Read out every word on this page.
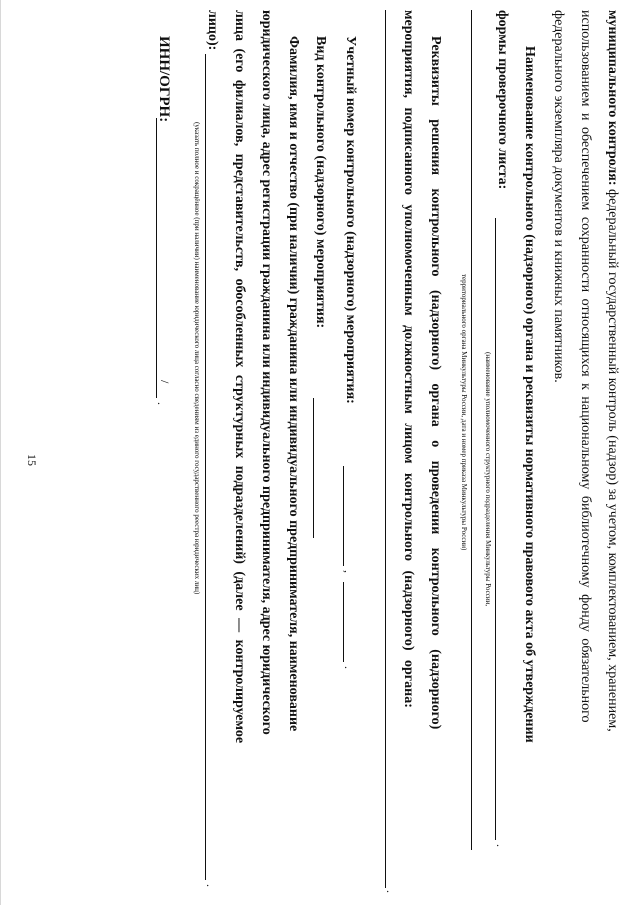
15
муниципального контроля: федеральный государственный контроль (надзор) за учетом, комплектованием, хранением,
использованием и обеспечением сохранности относящихся к национальному библиотечному фонду обязательного
федерального экземпляра документов и книжных памятников.
Наименование контрольного (надзорного) органа и реквизиты нормативного правового акта об утверждении
формы проверочного листа:
.
(наименование уполномоченного структурного подразделения Минкультуры России,
территориального органа Минкультуры России, дата и номер приказа Минкультуры России)
Реквизиты решения контрольного (надзорного) органа о проведении контрольного (надзорного)
мероприятия, подписанного уполномоченным должностным лицом контрольного (надзорного) органа:
.
Учетный номер контрольного (надзорного) мероприятия:
,
.
Вид контрольного (надзорного) мероприятия:
Фамилия, имя и отчество (при наличии) гражданина или индивидуального предпринимателя, наименование
юридического лица, адрес регистрации гражданина или индивидуального предпринимателя, адрес юридического
лица (его филиалов, представительств, обособленных структурных подразделений) (далее — контролируемое
лицо):
.
(указать полное и сокращённое (при наличии) наименование юридического лица согласно сведениям из единого государственного реестра юридических лиц)
ИНН/ОГРН:
/
.
